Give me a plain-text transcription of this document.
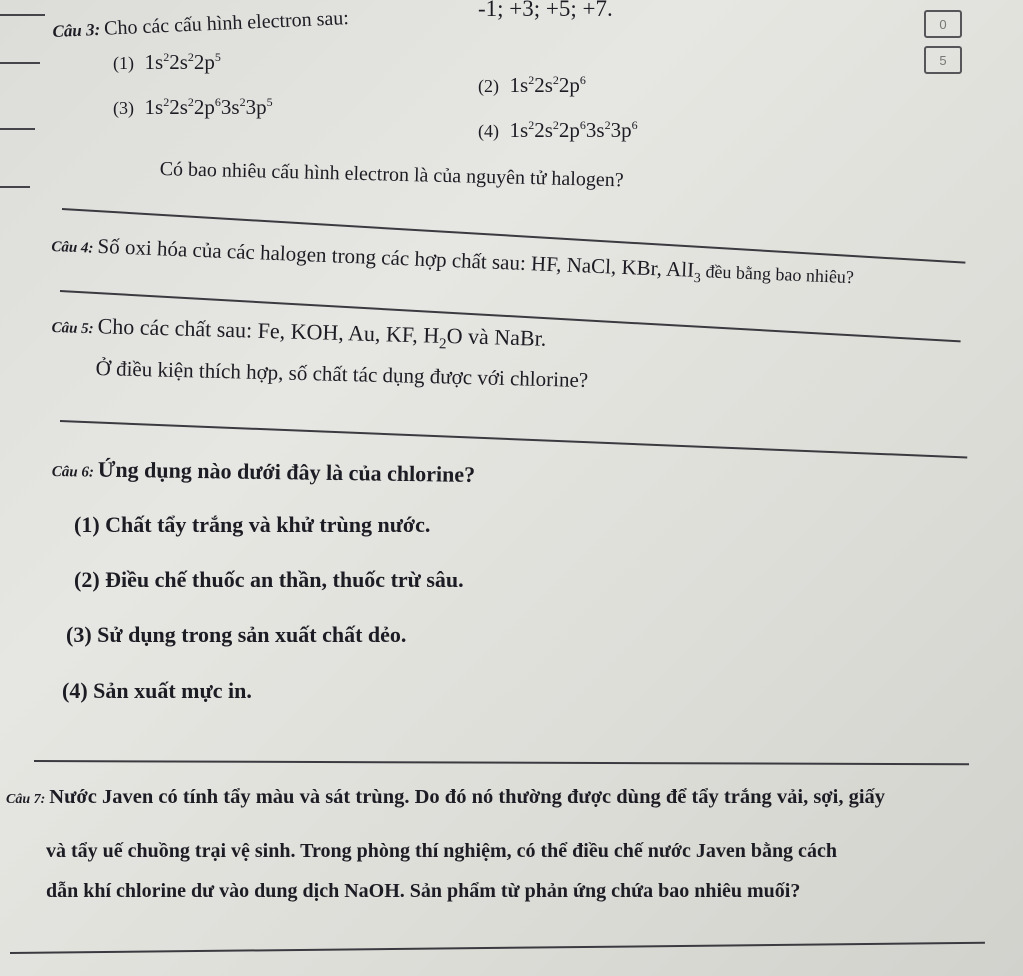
-1; +3; +5; +7.
0
5
Câu 3: Cho các cấu hình electron sau:
(1) $1s^22s^22p^5$
(2) $1s^22s^22p^6$
(3) $1s^22s^22p^63s^23p^5$
(4) $1s^22s^22p^63s^23p^6$
Có bao nhiêu cấu hình electron là của nguyên tử halogen?
Câu 4: Số oxi hóa của các halogen trong các hợp chất sau: HF, NaCl, KBr, AlI$_3$ đều bằng bao nhiêu?
Câu 5: Cho các chất sau: Fe, KOH, Au, KF, $H_2O$ và NaBr.
Ở điều kiện thích hợp, số chất tác dụng được với chlorine?
Câu 6: Ứng dụng nào dưới đây là của chlorine?
(1) Chất tẩy trắng và khử trùng nước.
(2) Điều chế thuốc an thần, thuốc trừ sâu.
(3) Sử dụng trong sản xuất chất dẻo.
(4) Sản xuất mực in.
Câu 7: Nước Javen có tính tẩy màu và sát trùng. Do đó nó thường được dùng để tẩy trắng vải, sợi, giấy
và tẩy uế chuồng trại vệ sinh. Trong phòng thí nghiệm, có thể điều chế nước Javen bằng cách
dẫn khí chlorine dư vào dung dịch NaOH. Sản phẩm từ phản ứng chứa bao nhiêu muối?
